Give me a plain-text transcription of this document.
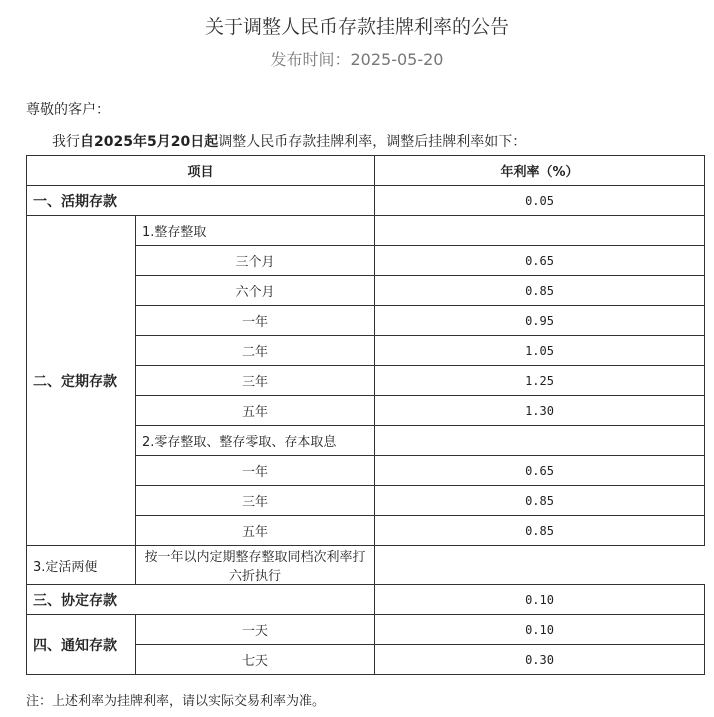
关于调整人民币存款挂牌利率的公告
发布时间：2025-05-20
尊敬的客户：
我行自2025年5月20日起调整人民币存款挂牌利率，调整后挂牌利率如下：
项目		年利率（%）
一、活期存款		0.05
二、定期存款	1.整存整取	
	三个月	0.65
	六个月	0.85
	一年	0.95
	二年	1.05
	三年	1.25
	五年	1.30
	2.零存整取、整存零取、存本取息	
	一年	0.65
	三年	0.85
	五年	0.85
3.定活两便	按一年以内定期整存整取同档次利率打六折执行	
三、协定存款		0.10
四、通知存款	一天	0.10
	七天	0.30
注：上述利率为挂牌利率，请以实际交易利率为准。
